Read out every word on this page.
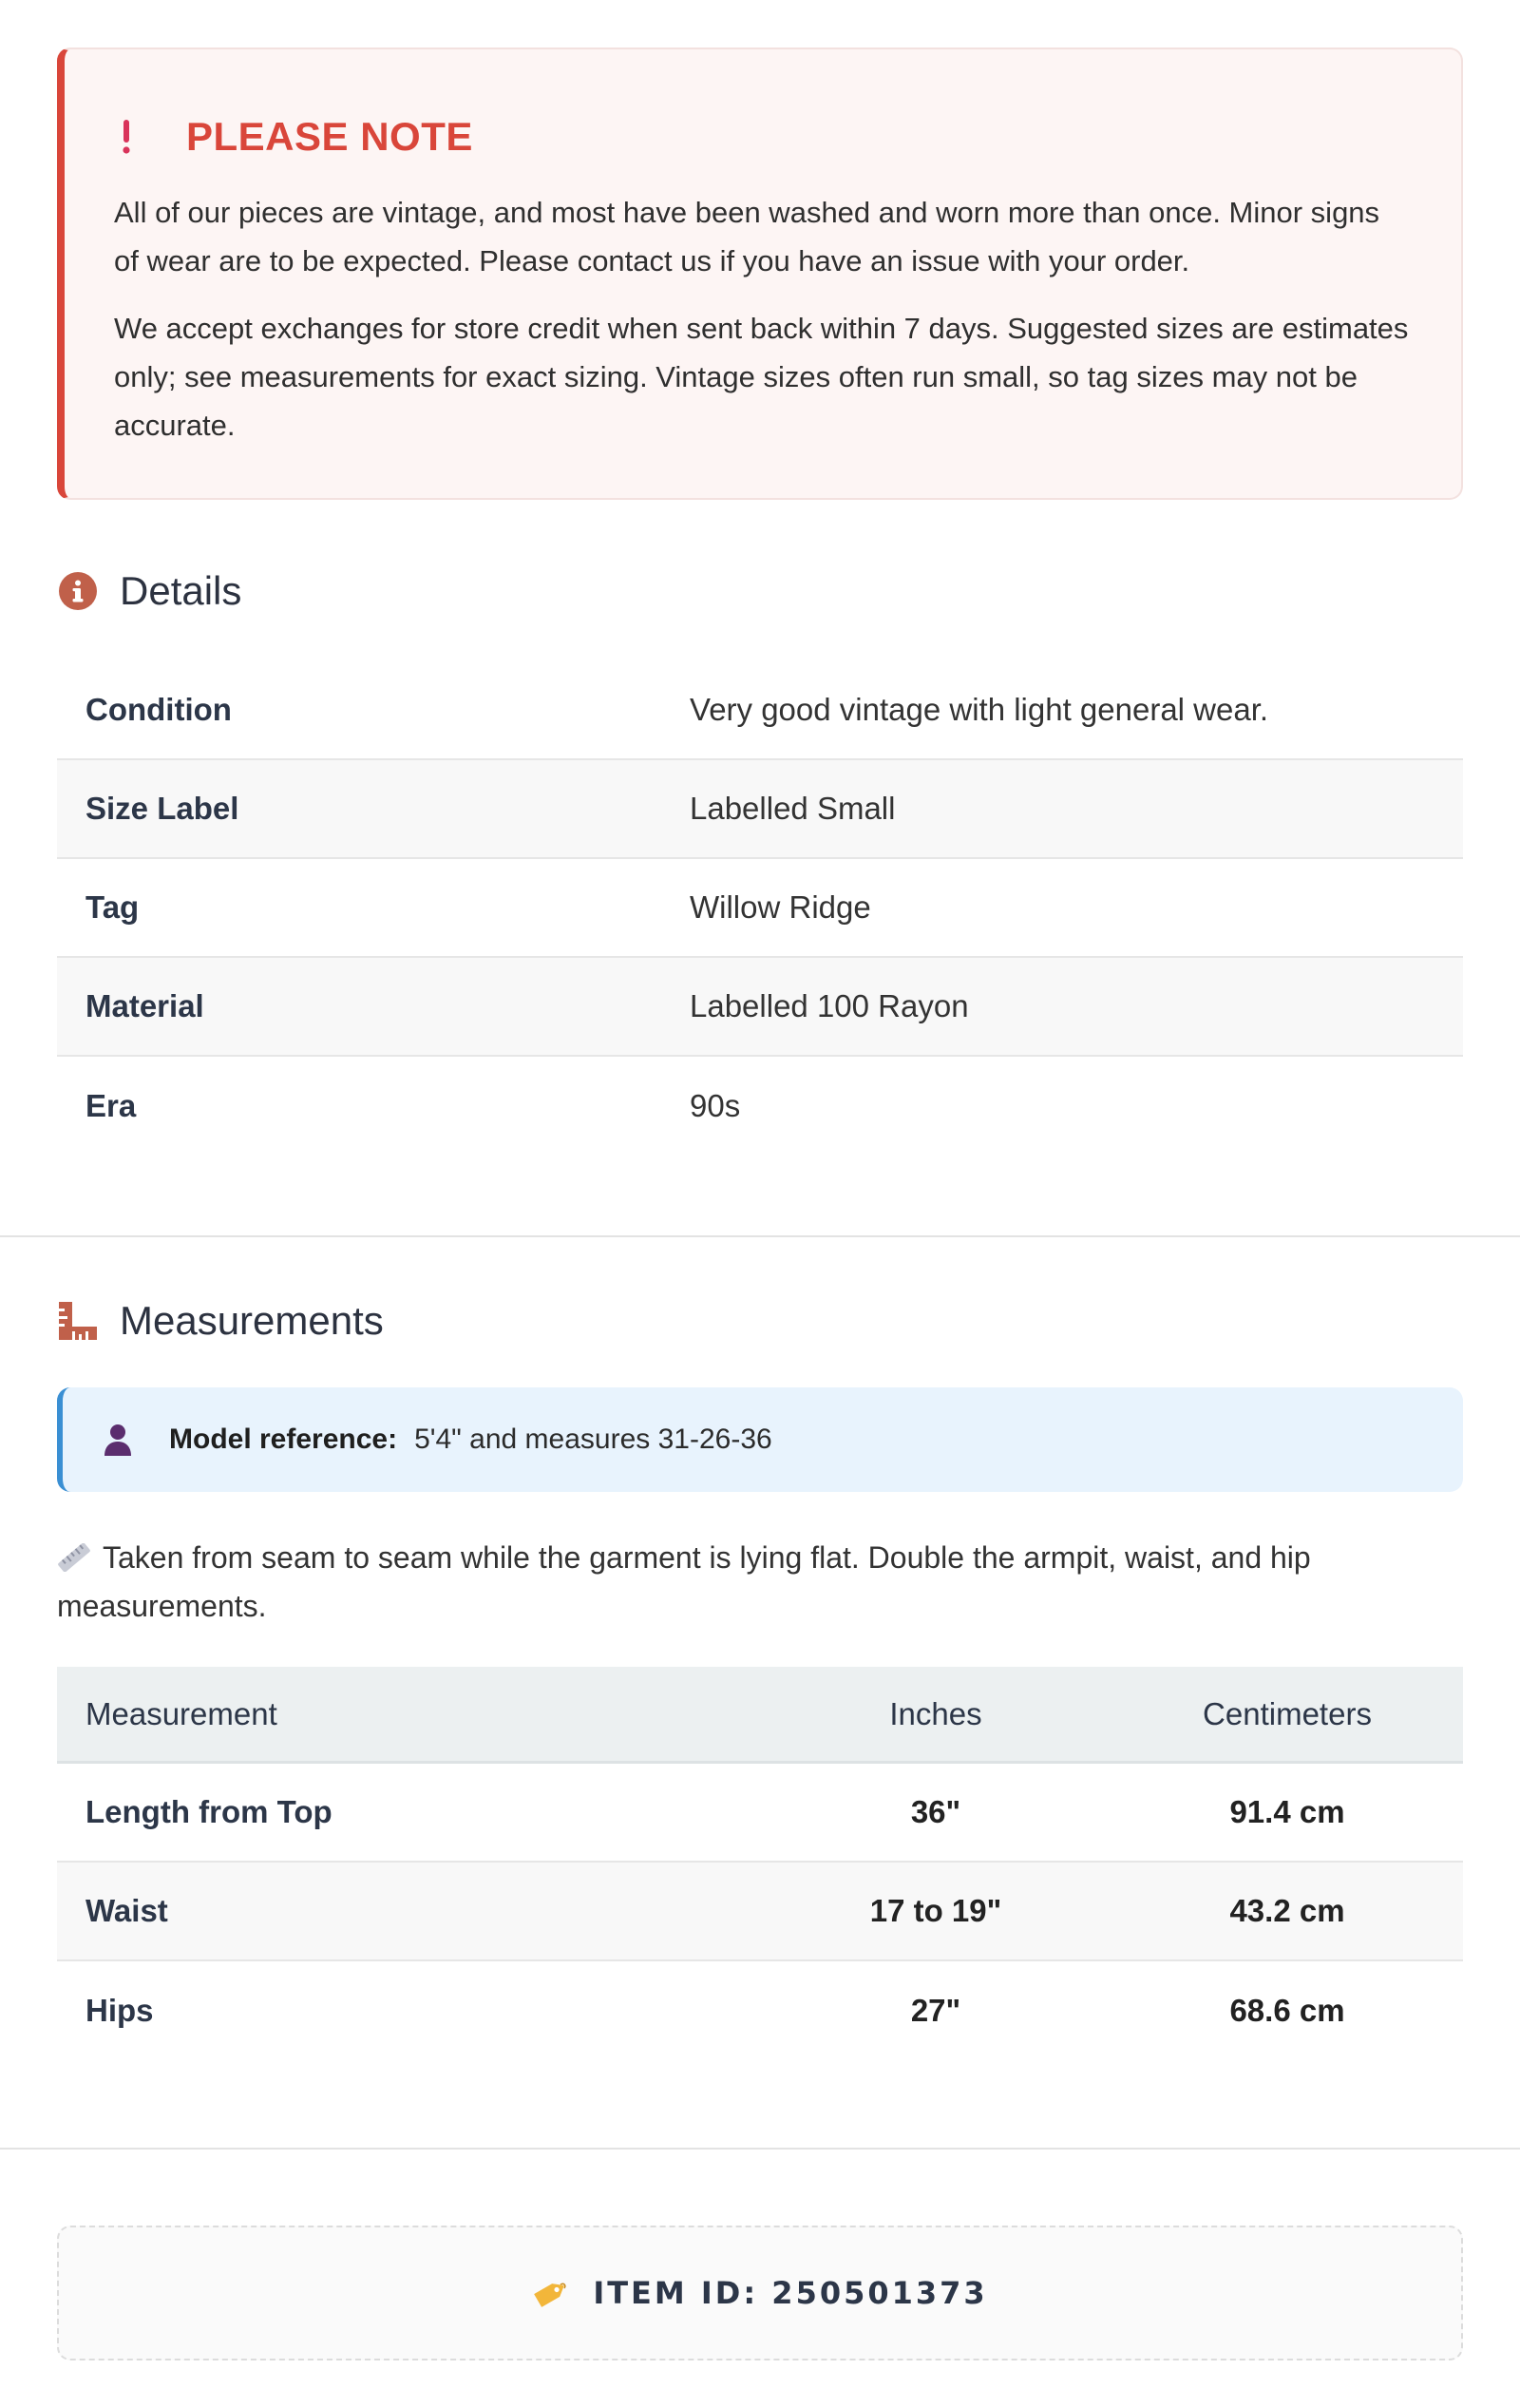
PLEASE NOTE

All of our pieces are vintage, and most have been washed and worn more than once. Minor signs of wear are to be expected. Please contact us if you have an issue with your order.

We accept exchanges for store credit when sent back within 7 days. Suggested sizes are estimates only; see measurements for exact sizing. Vintage sizes often run small, so tag sizes may not be accurate.

Details
Condition	Very good vintage with light general wear.
Size Label	Labelled Small
Tag	Willow Ridge
Material	Labelled 100 Rayon
Era	90s
Measurements
Model reference: 5'4" and measures 31-26-36
Taken from seam to seam while the garment is lying flat. Double the armpit, waist, and hip measurements.
Measurement	Inches	Centimeters
Length from Top	36"	91.4 cm
Waist	17 to 19"	43.2 cm
Hips	27"	68.6 cm
ITEM ID: 250501373
